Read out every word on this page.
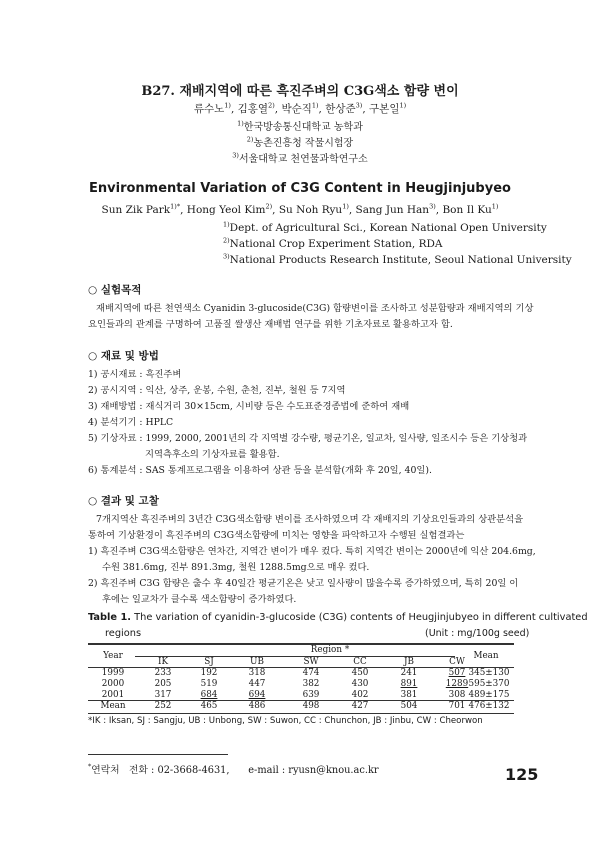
B27. 재배지역에 따른 흑진주벼의 C3G색소 함량 변이
류수노$^{1)}$, 김홍열$^{2)}$, 박순직$^{1)}$, 한상준$^{3)}$, 구본일$^{1)}$
$^{1)}$한국방송통신대학교 농학과
$^{2)}$농촌진흥청 작물시험장
$^{3)}$서울대학교 천연물과학연구소
Environmental Variation of C3G Content in Heugjinjubyeo
Sun Zik Park$^{1)*}$, Hong Yeol Kim$^{2)}$, Su Noh Ryu$^{1)}$, Sang Jun Han$^{3)}$, Bon Il Ku$^{1)}$
$^{1)}$Dept. of Agricultural Sci., Korean National Open University
$^{2)}$National Crop Experiment Station, RDA
$^{3)}$National Products Research Institute, Seoul National University
○ 실험목적
재배지역에 따른 천연색소 Cyanidin 3-glucoside(C3G) 함량변이를 조사하고 성분함량과 재배지역의 기상
요인들과의 관계를 구명하여 고품질 쌀생산 재배법 연구를 위한 기초자료로 활용하고자 함.
○ 재료 및 방법
1) 공시재료 : 흑진주벼
2) 공시지역 : 익산, 상주, 운봉, 수원, 춘천, 진부, 철원 등 7지역
3) 재배방법 : 재식거리 30×15cm, 시비량 등은 수도표준경종법에 준하여 재배
4) 분석기기 : HPLC
5) 기상자료 : 1999, 2000, 2001년의 각 지역별 강수량, 평균기온, 일교차, 일사량, 일조시수 등은 기상청과
지역측후소의 기상자료를 활용함.
6) 통계분석 : SAS 통계프로그램을 이용하여 상관 등을 분석함(개화 후 20일, 40일).
○ 결과 및 고찰
7개지역산 흑진주벼의 3년간 C3G색소함량 변이를 조사하였으며 각 재배지의 기상요인들과의 상관분석을
통하여 기상환경이 흑진주벼의 C3G색소함량에 미치는 영향을 파악하고자 수행된 실험결과는
1) 흑진주벼 C3G색소함량은 연차간, 지역간 변이가 매우 컸다. 특히 지역간 변이는 2000년에 익산 204.6mg,
수원 381.6mg, 진부 891.3mg, 철원 1288.5mg으로 매우 컸다.
2) 흑진주벼 C3G 함량은 출수 후 40일간 평균기온은 낮고 일사량이 많을수록 증가하였으며, 특히 20일 이
후에는 일교차가 클수록 색소함량이 증가하였다.
Table 1. The variation of cyanidin-3-glucoside (C3G) contents of Heugjinjubyeo in different cultivated
regions	(Unit : mg/100g seed)
Year
Region *
Mean
*IK : Iksan, SJ : Sangju, UB : Unbong, SW : Suwon, CC : Chunchon, JB : Jinbu, CW : Cheorwon
*연락처 전화 : 02-3668-4631, e-mail : ryusn@knou.ac.kr	125
IK	SJ	UB	SW	CC	JB	CW
1999	233	192	318	474	450	241	507 345±130
2000	205	519	447	382	430	891	1289 595±370
2001	317	684	694	639	402	381	308 489±175
Mean	252	465	486	498	427	504	701 476±132
